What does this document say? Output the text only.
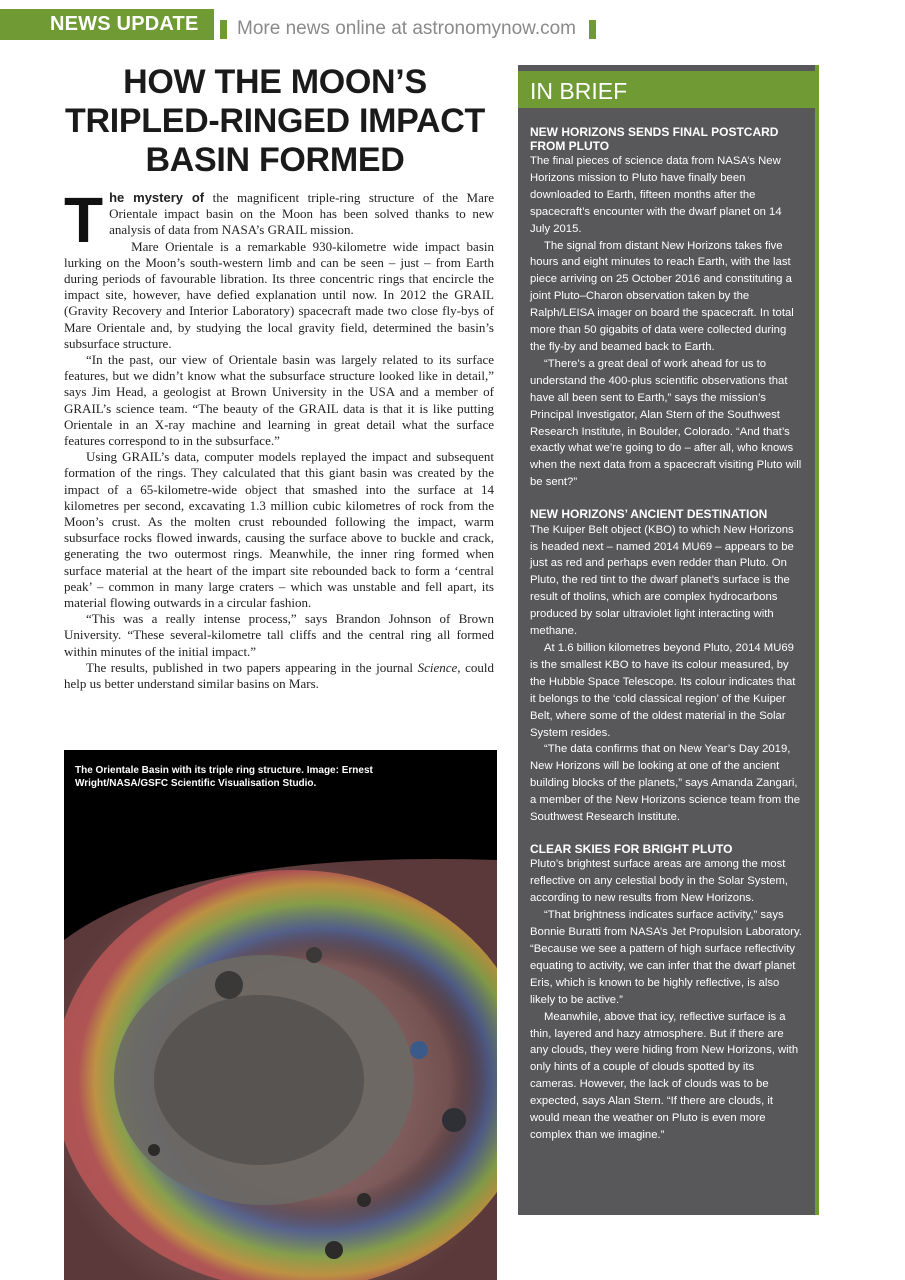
NEWS UPDATE	More news online at astronomynow.com
HOW THE MOON’S
TRIPLED-RINGED IMPACT
BASIN FORMED

The mystery of the magnificent triple-ring structure of the Mare Orientale impact basin on the Moon has been solved thanks to new analysis of data from NASA’s GRAIL mission.

Mare Orientale is a remarkable 930-kilometre wide impact basin lurking on the Moon’s south-western limb and can be seen – just – from Earth during periods of favourable libration. Its three concentric rings that encircle the impact site, however, have defied explanation until now. In 2012 the GRAIL (Gravity Recovery and Interior Laboratory) spacecraft made two close fly-bys of Mare Orientale and, by studying the local gravity field, determined the basin’s subsurface structure.

“In the past, our view of Orientale basin was largely related to its surface features, but we didn’t know what the subsurface structure looked like in detail,” says Jim Head, a geologist at Brown University in the USA and a member of GRAIL’s science team. “The beauty of the GRAIL data is that it is like putting Orientale in an X-ray machine and learning in great detail what the surface features correspond to in the subsurface.”

Using GRAIL’s data, computer models replayed the impact and subsequent formation of the rings. They calculated that this giant basin was created by the impact of a 65-kilometre-wide object that smashed into the surface at 14 kilometres per second, excavating 1.3 million cubic kilometres of rock from the Moon’s crust. As the molten crust rebounded following the impact, warm subsurface rocks flowed inwards, causing the surface above to buckle and crack, generating the two outermost rings. Meanwhile, the inner ring formed when surface material at the heart of the impart site rebounded back to form a ‘central peak’ – common in many large craters – which was unstable and fell apart, its material flowing outwards in a circular fashion.

“This was a really intense process,” says Brandon Johnson of Brown University. “These several-kilometre tall cliffs and the central ring all formed within minutes of the initial impact.”

The results, published in two papers appearing in the journal Science, could help us better understand similar basins on Mars.

The Orientale Basin with its triple ring structure. Image: Ernest Wright/NASA/GSFC Scientific Visualisation Studio.
IN BRIEF
NEW HORIZONS SENDS FINAL POSTCARD FROM PLUTO

The final pieces of science data from NASA’s New Horizons mission to Pluto have finally been downloaded to Earth, fifteen months after the spacecraft’s encounter with the dwarf planet on 14 July 2015.

The signal from distant New Horizons takes five hours and eight minutes to reach Earth, with the last piece arriving on 25 October 2016 and constituting a joint Pluto–Charon observation taken by the Ralph/LEISA imager on board the spacecraft. In total more than 50 gigabits of data were collected during the fly-by and beamed back to Earth.

“There’s a great deal of work ahead for us to understand the 400-plus scientific observations that have all been sent to Earth,” says the mission’s Principal Investigator, Alan Stern of the Southwest Research Institute, in Boulder, Colorado. “And that’s exactly what we’re going to do – after all, who knows when the next data from a spacecraft visiting Pluto will be sent?”

NEW HORIZONS’ ANCIENT DESTINATION

The Kuiper Belt object (KBO) to which New Horizons is headed next – named 2014 MU69 – appears to be just as red and perhaps even redder than Pluto. On Pluto, the red tint to the dwarf planet’s surface is the result of tholins, which are complex hydrocarbons produced by solar ultraviolet light interacting with methane.

At 1.6 billion kilometres beyond Pluto, 2014 MU69 is the smallest KBO to have its colour measured, by the Hubble Space Telescope. Its colour indicates that it belongs to the ‘cold classical region’ of the Kuiper Belt, where some of the oldest material in the Solar System resides.

“The data confirms that on New Year’s Day 2019, New Horizons will be looking at one of the ancient building blocks of the planets,” says Amanda Zangari, a member of the New Horizons science team from the Southwest Research Institute.

CLEAR SKIES FOR BRIGHT PLUTO

Pluto’s brightest surface areas are among the most reflective on any celestial body in the Solar System, according to new results from New Horizons.

“That brightness indicates surface activity,” says Bonnie Buratti from NASA’s Jet Propulsion Laboratory. “Because we see a pattern of high surface reflectivity equating to activity, we can infer that the dwarf planet Eris, which is known to be highly reflective, is also likely to be active.”

Meanwhile, above that icy, reflective surface is a thin, layered and hazy atmosphere. But if there are any clouds, they were hiding from New Horizons, with only hints of a couple of clouds spotted by its cameras. However, the lack of clouds was to be expected, says Alan Stern. “If there are clouds, it would mean the weather on Pluto is even more complex than we imagine.”
